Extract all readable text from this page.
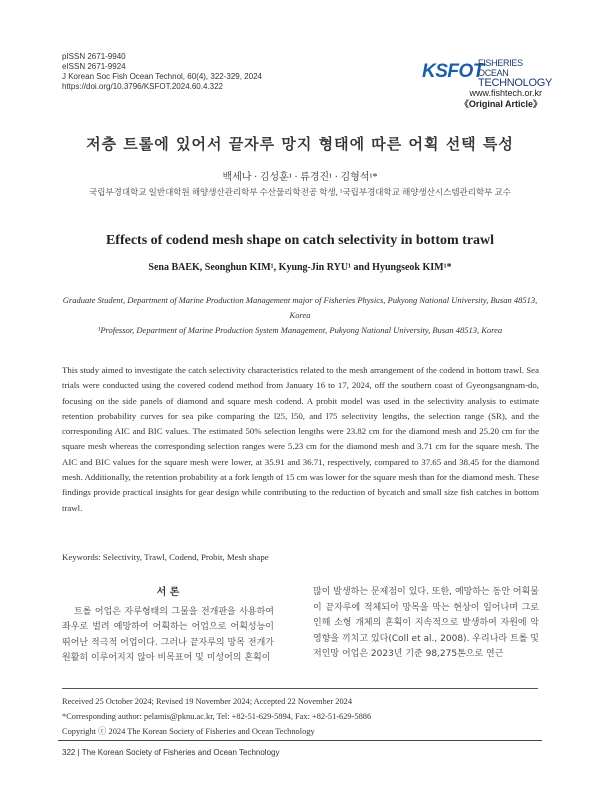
pISSN 2671-9940
eISSN 2671-9924
J Korean Soc Fish Ocean Technol, 60(4), 322-329, 2024
https://doi.org/10.3796/KSFOT.2024.60.4.322
KSFOT
FISHERIES OCEAN
TECHNOLOGY
www.fishtech.or.kr
《Original Article》
저층 트롤에 있어서 끝자루 망지 형태에 따른 어획 선택 특성
백세나 · 김성훈¹ · 류경진¹ · 김형석¹*
국립부경대학교 일반대학원 해양생산관리학부 수산물리학전공 학생, ¹국립부경대학교 해양생산시스템관리학부 교수
Effects of codend mesh shape on catch selectivity in bottom trawl
Sena BAEK, Seonghun KIM¹, Kyung-Jin RYU¹ and Hyungseok KIM¹*
Graduate Student, Department of Marine Production Management major of Fisheries Physics, Pukyong National University, Busan 48513, Korea
¹Professor, Department of Marine Production System Management, Pukyong National University, Busan 48513, Korea
This study aimed to investigate the catch selectivity characteristics related to the mesh arrangement of the codend in bottom trawl. Sea trials were conducted using the covered codend method from January 16 to 17, 2024, off the southern coast of Gyeongsangnam-do, focusing on the side panels of diamond and square mesh codend. A probit model was used in the selectivity analysis to estimate retention probability curves for sea pike comparing the l25, l50, and l75 selectivity lengths, the selection range (SR), and the corresponding AIC and BIC values. The estimated 50% selection lengths were 23.82 cm for the diamond mesh and 25.20 cm for the square mesh whereas the corresponding selection ranges were 5.23 cm for the diamond mesh and 3.71 cm for the square mesh. The AIC and BIC values for the square mesh were lower, at 35.91 and 36.71, respectively, compared to 37.65 and 38.45 for the diamond mesh. Additionally, the retention probability at a fork length of 15 cm was lower for the square mesh than for the diamond mesh. These findings provide practical insights for gear design while contributing to the reduction of bycatch and small size fish catches in bottom trawl.
Keywords: Selectivity, Trawl, Codend, Probit, Mesh shape
서 론
트롤 어업은 자루형태의 그물을 전개판을 사용하여 좌우로 벌려 예망하여 어획하는 어업으로 어획성능이 뛰어난 적극적 어업이다. 그러나 끝자루의 망목 전개가 원활히 이루어지지 않아 비목표어 및 미성어의 혼획이
많이 발생하는 문제점이 있다. 또한, 예망하는 동안 어획물이 끝자루에 적체되어 망목을 막는 현상이 일어나며 그로 인해 소형 개체의 혼획이 지속적으로 발생하여 자원에 악영향을 끼치고 있다(Coll et al., 2008). 우리나라 트롤 및 저인망 어업은 2023년 기준 98,275톤으로 연근
Received 25 October 2024; Revised 19 November 2024; Accepted 22 November 2024
*Corresponding author: pelamis@pknu.ac.kr, Tel: +82-51-629-5894, Fax: +82-51-629-5886
Copyright ⓒ 2024 The Korean Society of Fisheries and Ocean Technology
322 | The Korean Society of Fisheries and Ocean Technology
